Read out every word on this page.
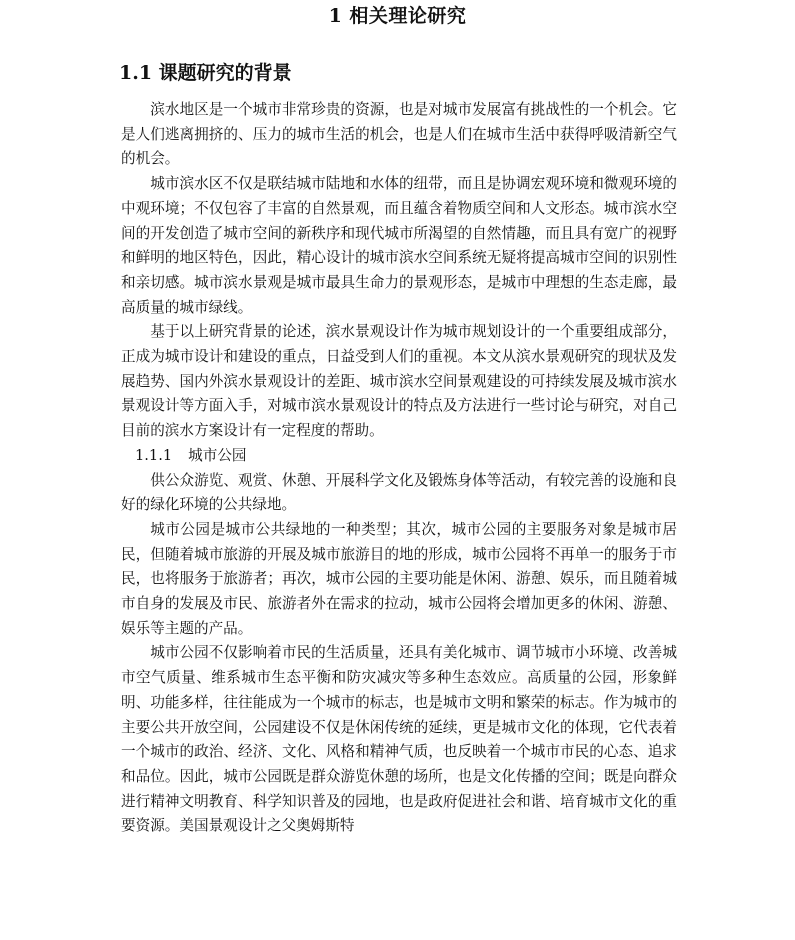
1 相关理论研究
1.1 课题研究的背景

滨水地区是一个城市非常珍贵的资源，也是对城市发展富有挑战性的一个机会。它是人们逃离拥挤的、压力的城市生活的机会，也是人们在城市生活中获得呼吸清新空气的机会。

城市滨水区不仅是联结城市陆地和水体的纽带，而且是协调宏观环境和微观环境的中观环境；不仅包容了丰富的自然景观，而且蕴含着物质空间和人文形态。城市滨水空间的开发创造了城市空间的新秩序和现代城市所渴望的自然情趣，而且具有宽广的视野和鲜明的地区特色，因此，精心设计的城市滨水空间系统无疑将提高城市空间的识别性和亲切感。城市滨水景观是城市最具生命力的景观形态，是城市中理想的生态走廊，最高质量的城市绿线。

基于以上研究背景的论述，滨水景观设计作为城市规划设计的一个重要组成部分，正成为城市设计和建设的重点，日益受到人们的重视。本文从滨水景观研究的现状及发展趋势、国内外滨水景观设计的差距、城市滨水空间景观建设的可持续发展及城市滨水景观设计等方面入手，对城市滨水景观设计的特点及方法进行一些讨论与研究，对自己目前的滨水方案设计有一定程度的帮助。

1.1.1 城市公园

供公众游览、观赏、休憩、开展科学文化及锻炼身体等活动，有较完善的设施和良好的绿化环境的公共绿地。

城市公园是城市公共绿地的一种类型；其次，城市公园的主要服务对象是城市居民，但随着城市旅游的开展及城市旅游目的地的形成，城市公园将不再单一的服务于市民，也将服务于旅游者；再次，城市公园的主要功能是休闲、游憩、娱乐，而且随着城市自身的发展及市民、旅游者外在需求的拉动，城市公园将会增加更多的休闲、游憩、娱乐等主题的产品。

城市公园不仅影响着市民的生活质量，还具有美化城市、调节城市小环境、改善城市空气质量、维系城市生态平衡和防灾减灾等多种生态效应。高质量的公园，形象鲜明、功能多样，往往能成为一个城市的标志，也是城市文明和繁荣的标志。作为城市的主要公共开放空间，公园建设不仅是休闲传统的延续，更是城市文化的体现，它代表着一个城市的政治、经济、文化、风格和精神气质，也反映着一个城市市民的心态、追求和品位。因此，城市公园既是群众游览休憩的场所，也是文化传播的空间；既是向群众进行精神文明教育、科学知识普及的园地，也是政府促进社会和谐、培育城市文化的重要资源。美国景观设计之父奥姆斯特
